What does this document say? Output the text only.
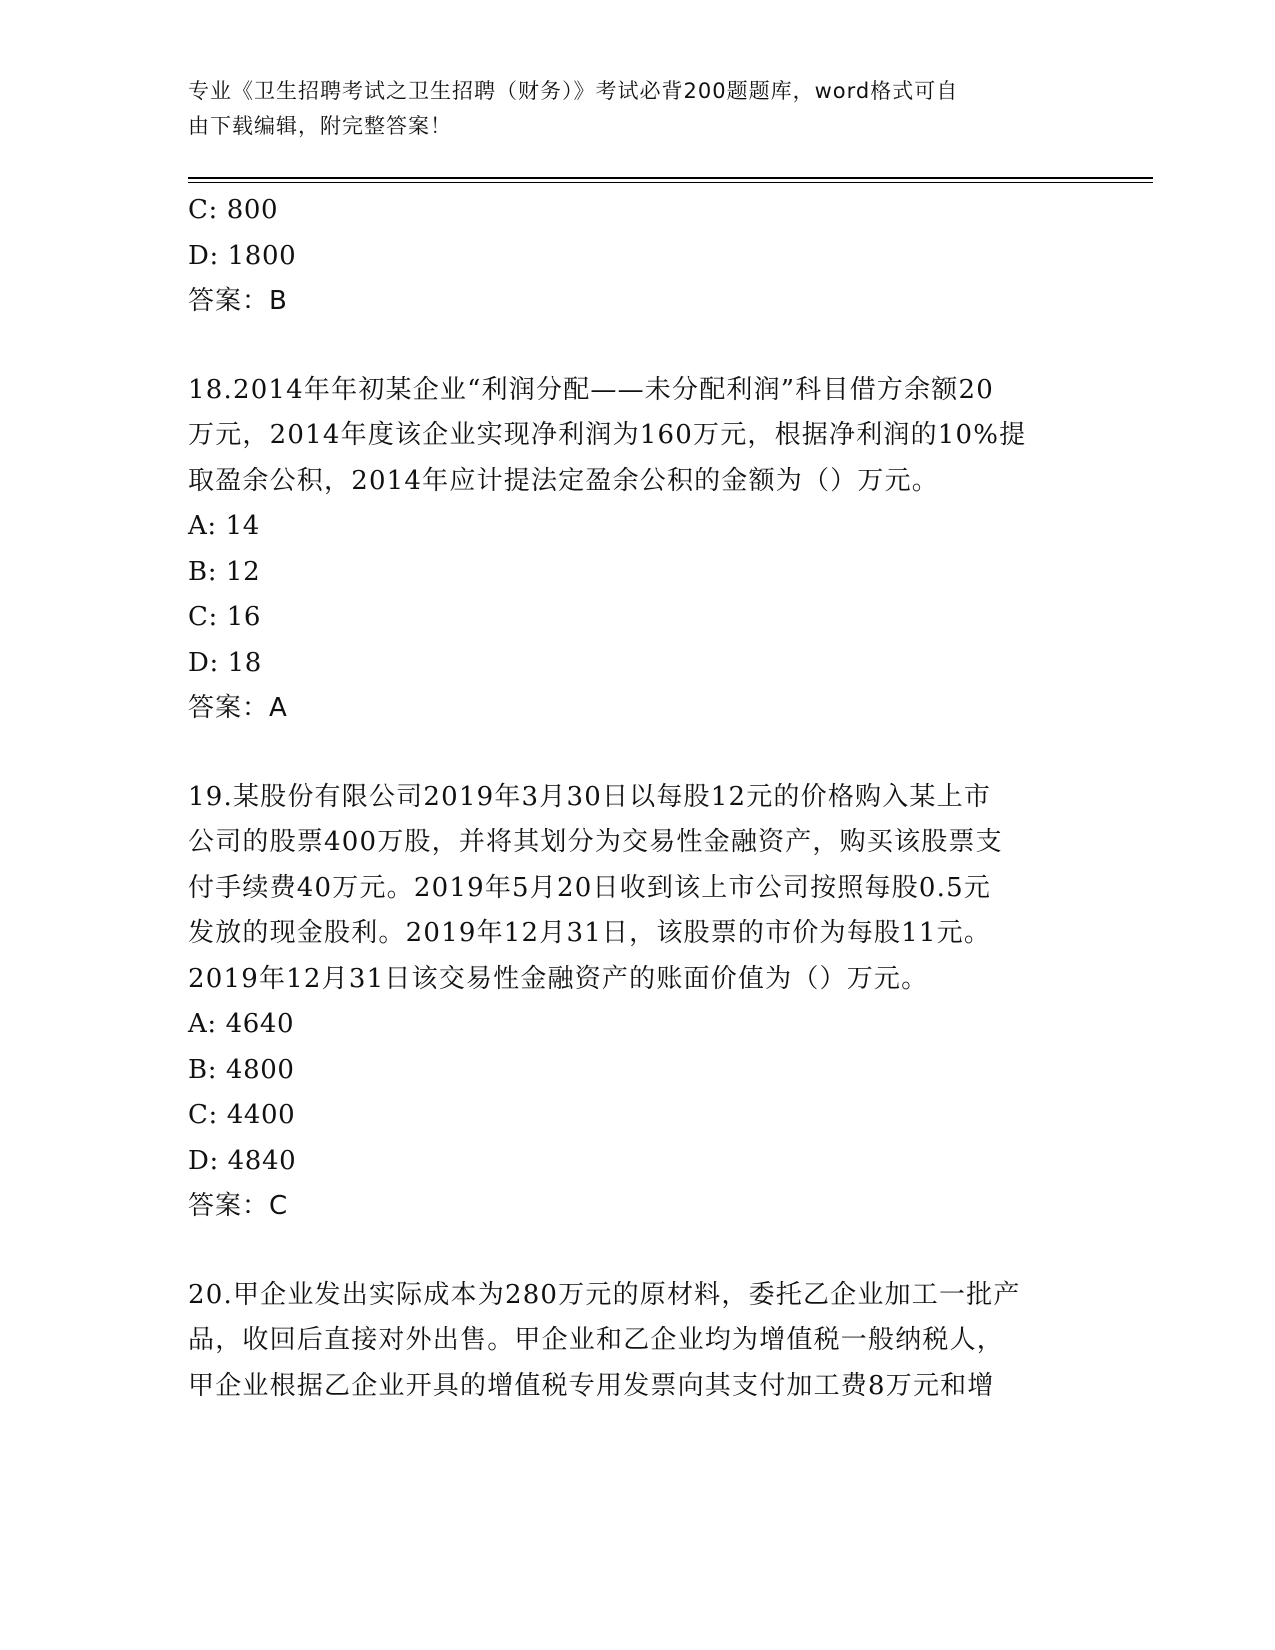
专业《卫生招聘考试之卫生招聘（财务）》考试必背200题题库，word格式可自
由下载编辑，附完整答案！
C: 800
D: 1800
答案：B
18.2014年年初某企业“利润分配——未分配利润”科目借方余额20
万元，2014年度该企业实现净利润为160万元，根据净利润的10%提
取盈余公积，2014年应计提法定盈余公积的金额为（）万元。
A: 14
B: 12
C: 16
D: 18
答案：A
19.某股份有限公司2019年3月30日以每股12元的价格购入某上市
公司的股票400万股，并将其划分为交易性金融资产，购买该股票支
付手续费40万元。2019年5月20日收到该上市公司按照每股0.5元
发放的现金股利。2019年12月31日，该股票的市价为每股11元。
2019年12月31日该交易性金融资产的账面价值为（）万元。
A: 4640
B: 4800
C: 4400
D: 4840
答案：C
20.甲企业发出实际成本为280万元的原材料，委托乙企业加工一批产
品，收回后直接对外出售。甲企业和乙企业均为增值税一般纳税人，
甲企业根据乙企业开具的增值税专用发票向其支付加工费8万元和增
